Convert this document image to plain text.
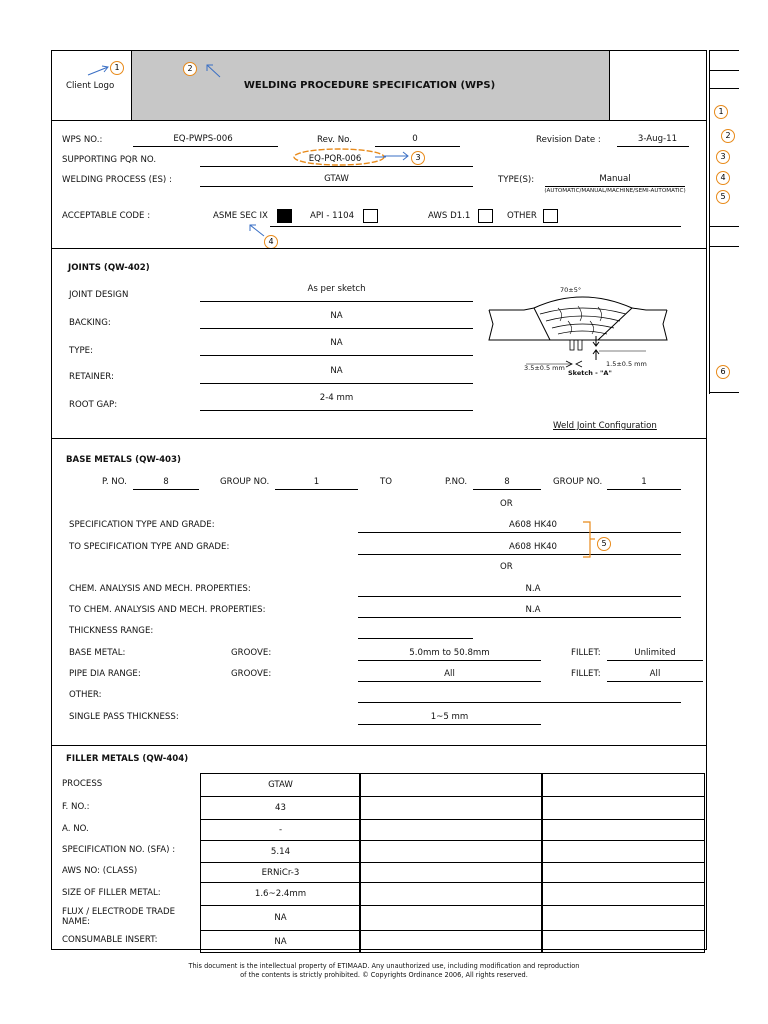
Client Logo	WELDING PROCEDURE SPECIFICATION (WPS)
1	2
1
2
3
4
5
6
WPS NO.:	EQ-PWPS-006	Rev. No.	0	Revision Date :	3-Aug-11
SUPPORTING PQR NO.	EQ-PQR-006	3
WELDING PROCESS (ES) :	GTAW	TYPE(S):	Manual
(AUTOMATIC/MANUAL/MACHINE/SEMI-AUTOMATIC)
ACCEPTABLE CODE :	ASME SEC IX	API - 1104	AWS D1.1	OTHER
4
JOINTS (QW-402)
JOINT DESIGN
As per sketch
BACKING:
NA
TYPE:
NA
RETAINER:
NA
ROOT GAP:
2-4 mm
70±5°
3.5±0.5 mm
Sketch - "A"
1.5±0.5 mm
Weld Joint Configuration
BASE METALS (QW-403)
P. NO.	8	GROUP NO.	1	TO	P.NO.	8	GROUP NO.	1
OR
SPECIFICATION TYPE AND GRADE:	A608 HK40
TO SPECIFICATION TYPE AND GRADE:	A608 HK40	5
OR
CHEM. ANALYSIS AND MECH. PROPERTIES:	N.A
TO CHEM. ANALYSIS AND MECH. PROPERTIES:	N.A
THICKNESS RANGE:
BASE METAL:	GROOVE:	5.0mm to 50.8mm	FILLET:	Unlimited
PIPE DIA RANGE:	GROOVE:	All	FILLET:	All
OTHER:
SINGLE PASS THICKNESS:	1~5 mm
FILLER METALS (QW-404)
PROCESS	GTAW
F. NO.:	43
A. NO.	-
SPECIFICATION NO. (SFA) :	5.14
AWS NO: (CLASS)	ERNiCr-3
SIZE OF FILLER METAL:	1.6~2.4mm
FLUX / ELECTRODE TRADE NAME:	NA
CONSUMABLE INSERT:	NA
This document is the intellectual property of ETIMAAD. Any unauthorized use, including modification and reproduction
of the contents is strictly prohibited. © Copyrights Ordinance 2006, All rights reserved.
